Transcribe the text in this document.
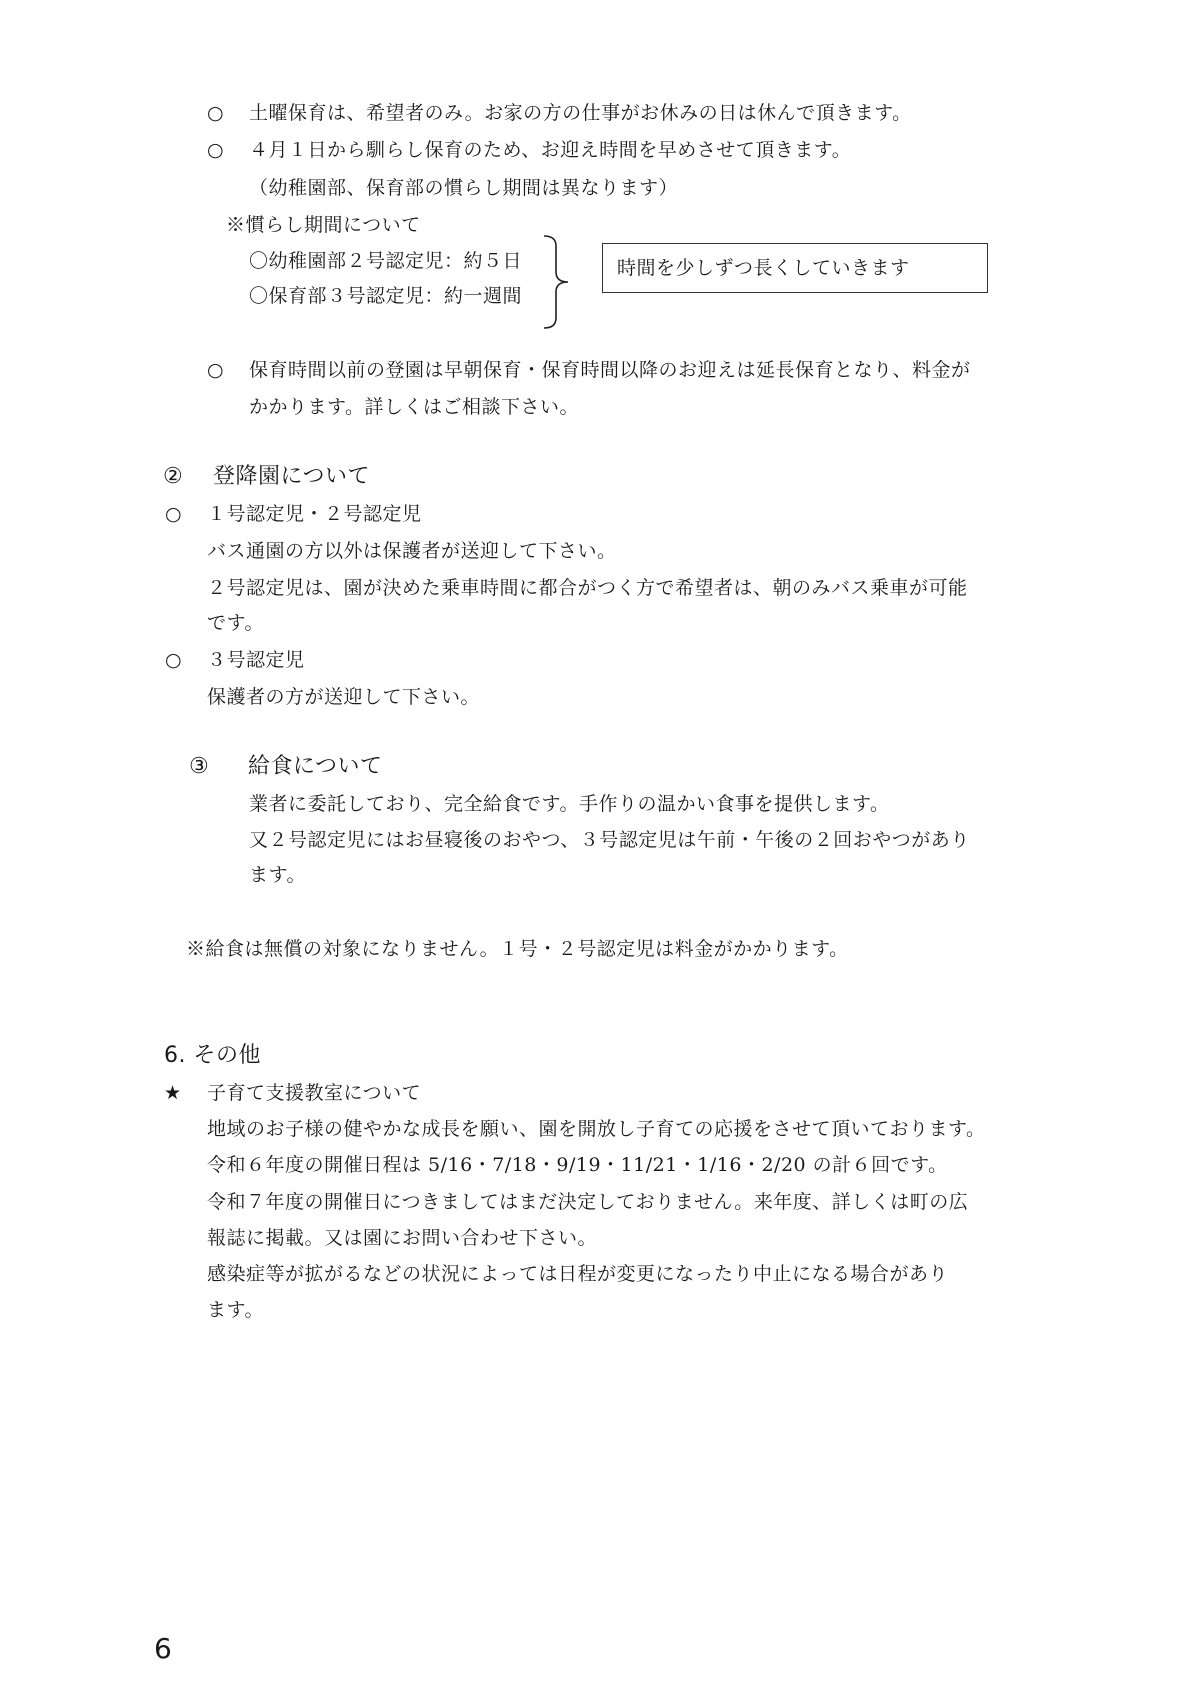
○ 土曜保育は、希望者のみ。お家の方の仕事がお休みの日は休んで頂きます。
○ ４月１日から馴らし保育のため、お迎え時間を早めさせて頂きます。
（幼稚園部、保育部の慣らし期間は異なります）
※慣らし期間について
〇幼稚園部２号認定児：約５日
〇保育部３号認定児：約一週間
時間を少しずつ長くしていきます
○ 保育時間以前の登園は早朝保育・保育時間以降のお迎えは延長保育となり、料金が
かかります。詳しくはご相談下さい。
② 登降園について
○ １号認定児・２号認定児
バス通園の方以外は保護者が送迎して下さい。
２号認定児は、園が決めた乗車時間に都合がつく方で希望者は、朝のみバス乗車が可能
です。
○ ３号認定児
保護者の方が送迎して下さい。
③ 給食について
業者に委託しており、完全給食です。手作りの温かい食事を提供します。
又２号認定児にはお昼寝後のおやつ、３号認定児は午前・午後の２回おやつがあり
ます。
※給食は無償の対象になりません。１号・２号認定児は料金がかかります。
6. その他
★ 子育て支援教室について
地域のお子様の健やかな成長を願い、園を開放し子育ての応援をさせて頂いております。
令和６年度の開催日程は 5/16・7/18・9/19・11/21・1/16・2/20 の計６回です。
令和７年度の開催日につきましてはまだ決定しておりません。来年度、詳しくは町の広
報誌に掲載。又は園にお問い合わせ下さい。
感染症等が拡がるなどの状況によっては日程が変更になったり中止になる場合があり
ます。
6
